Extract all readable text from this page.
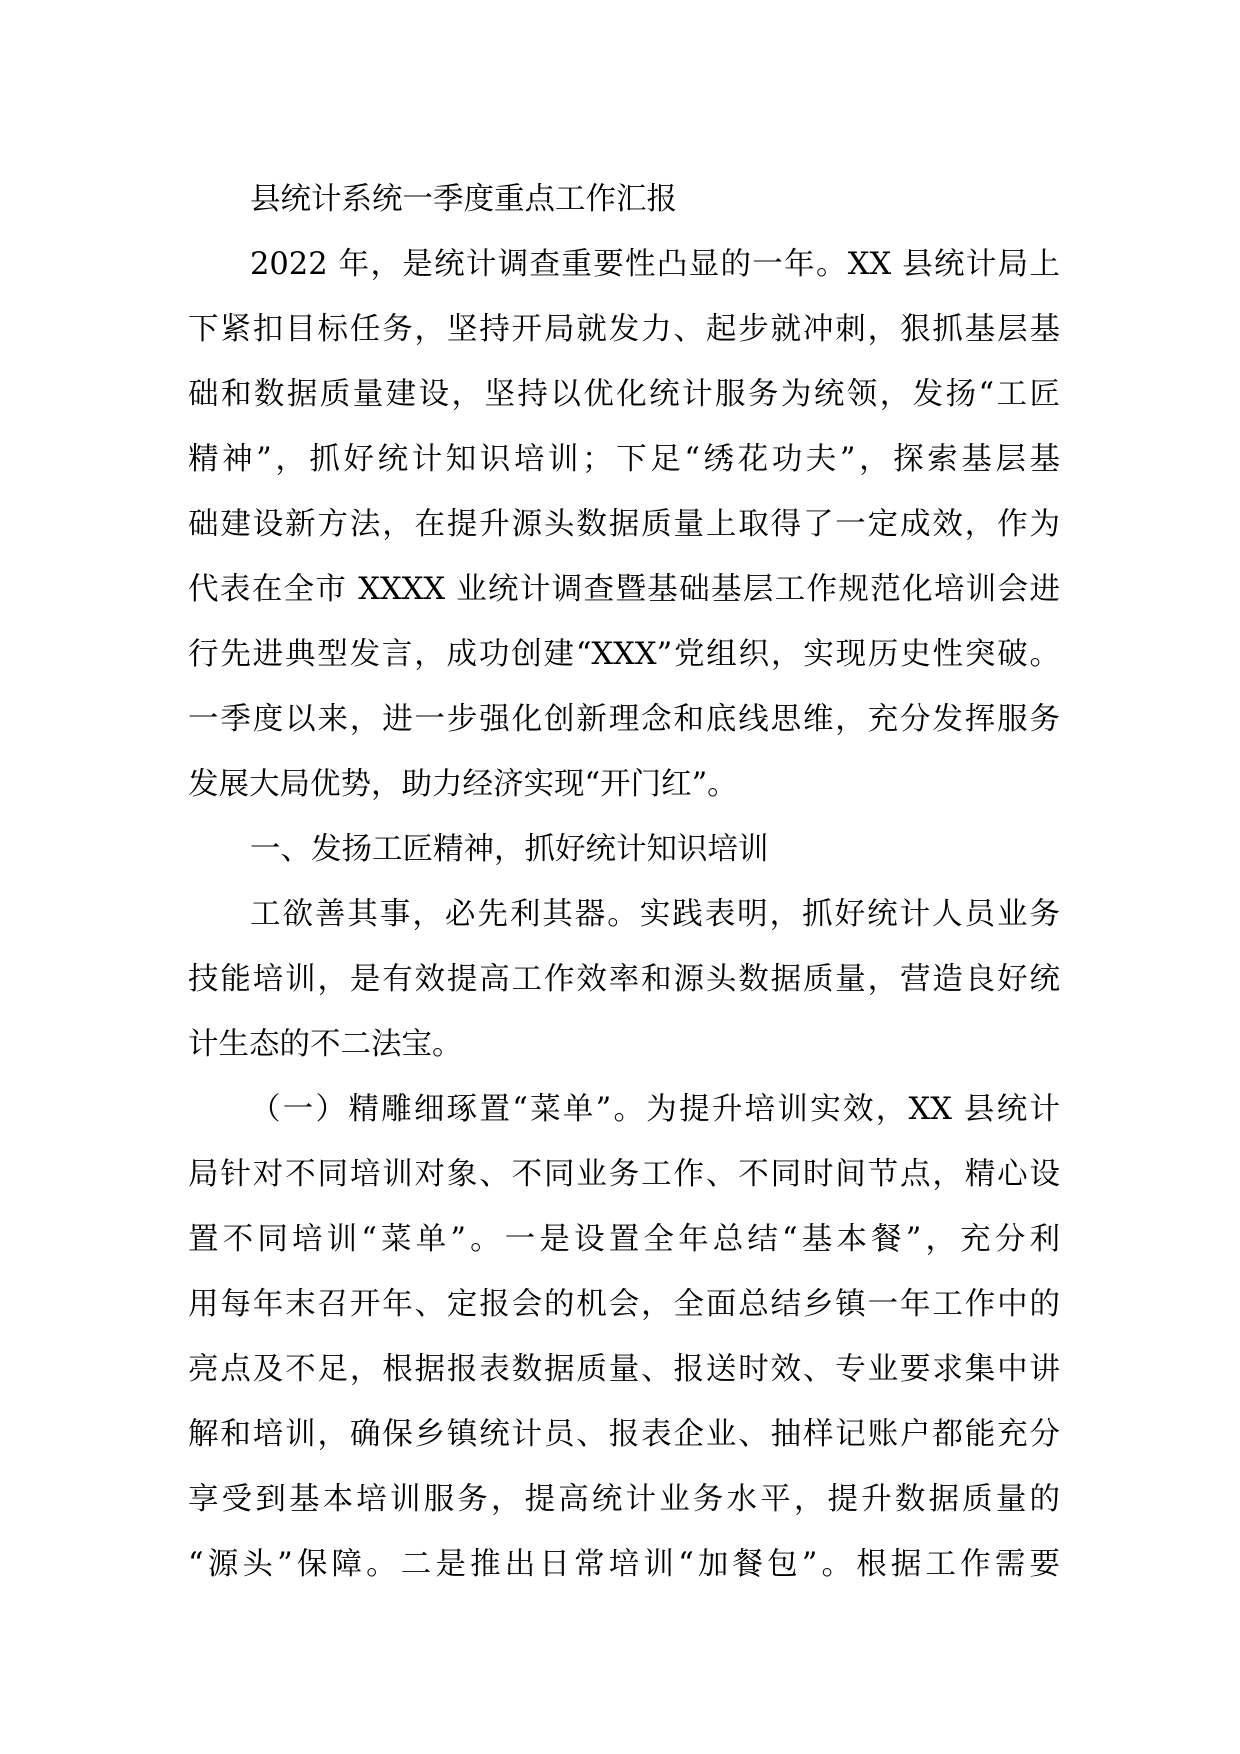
县统计系统一季度重点工作汇报
2022 年，是统计调查重要性凸显的一年。XX 县统计局上
下紧扣目标任务，坚持开局就发力、起步就冲刺，狠抓基层基
础和数据质量建设，坚持以优化统计服务为统领，发扬“工匠
精神”，抓好统计知识培训；下足“绣花功夫”，探索基层基
础建设新方法，在提升源头数据质量上取得了一定成效，作为
代表在全市 XXXX 业统计调查暨基础基层工作规范化培训会进
行先进典型发言，成功创建“XXX”党组织，实现历史性突破。
一季度以来，进一步强化创新理念和底线思维，充分发挥服务
发展大局优势，助力经济实现“开门红”。
一、发扬工匠精神，抓好统计知识培训
工欲善其事，必先利其器。实践表明，抓好统计人员业务
技能培训，是有效提高工作效率和源头数据质量，营造良好统
计生态的不二法宝。
（一）精雕细琢置“菜单”。为提升培训实效，XX 县统计
局针对不同培训对象、不同业务工作、不同时间节点，精心设
置不同培训“菜单”。一是设置全年总结“基本餐”，充分利
用每年末召开年、定报会的机会，全面总结乡镇一年工作中的
亮点及不足，根据报表数据质量、报送时效、专业要求集中讲
解和培训，确保乡镇统计员、报表企业、抽样记账户都能充分
享受到基本培训服务，提高统计业务水平，提升数据质量的
“源头”保障。二是推出日常培训“加餐包”。根据工作需要
